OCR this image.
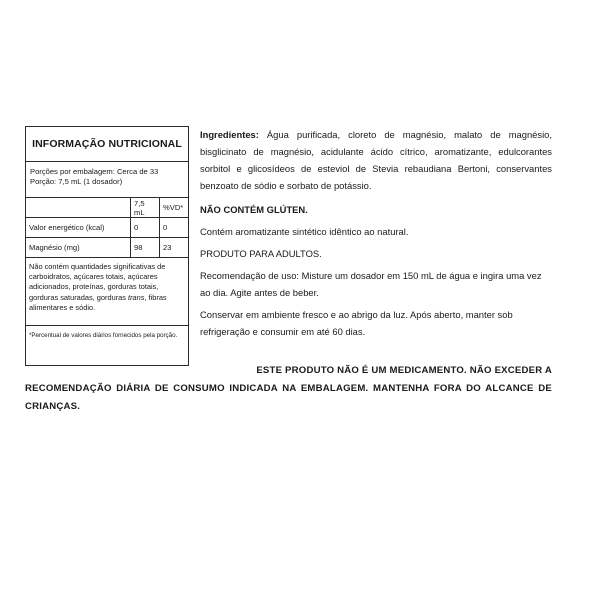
INFORMAÇÃO NUTRICIONAL
Porções por embalagem: Cerca de 33
Porção: 7,5 mL (1 dosador)
	7,5 mL	%VD*
Valor energético (kcal)	0	0
Magnésio (mg)	98	23
Não contém quantidades significativas de carboidratos, açúcares totais, açúcares adicionados, proteínas, gorduras totais, gorduras saturadas, gorduras trans, fibras alimentares e sódio.
*Percentual de valores diários fornecidos pela porção.

Ingredientes: Água purificada, cloreto de magnésio, malato de magnésio, bisglicinato de magnésio, acidulante ácido cítrico, aromatizante, edulcorantes sorbitol e glicosídeos de esteviol de Stevia rebaudiana Bertoni, conservantes benzoato de sódio e sorbato de potássio.

NÃO CONTÉM GLÚTEN.

Contém aromatizante sintético idêntico ao natural.

PRODUTO PARA ADULTOS.

Recomendação de uso: Misture um dosador em 150 mL de água e ingira uma vez ao dia. Agite antes de beber.

Conservar em ambiente fresco e ao abrigo da luz. Após aberto, manter sob refrigeração e consumir em até 60 dias.

ESTE PRODUTO NÃO É UM MEDICAMENTO. NÃO EXCEDER A
RECOMENDAÇÃO DIÁRIA DE CONSUMO INDICADA NA EMBALAGEM. MANTENHA FORA DO ALCANCE DE CRIANÇAS.
